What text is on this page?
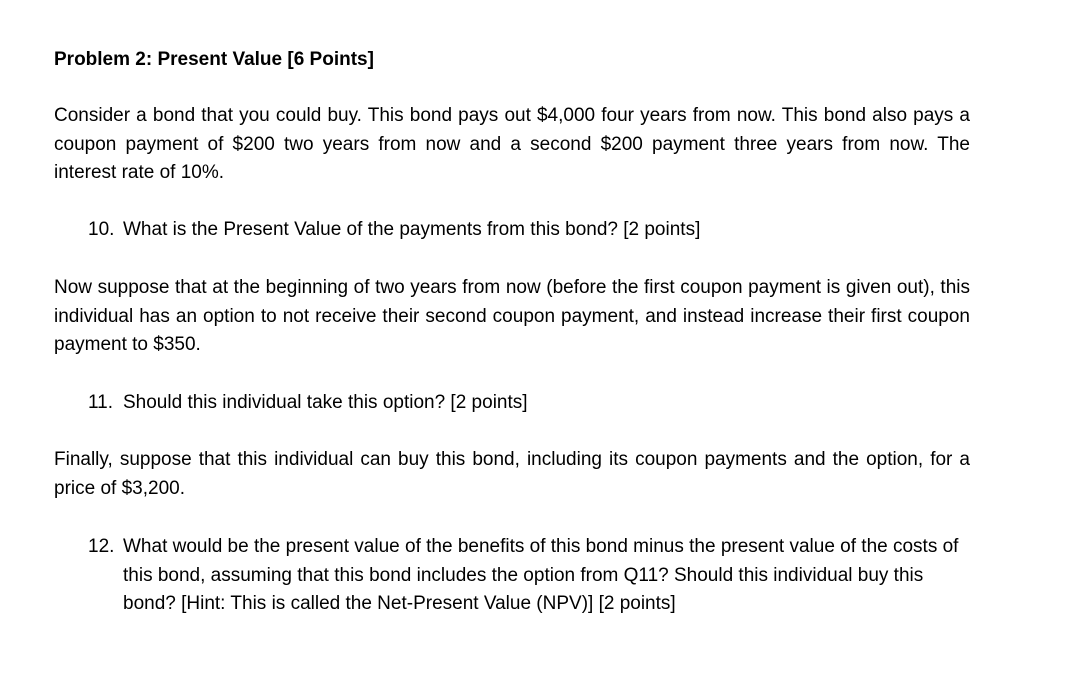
Problem 2: Present Value [6 Points]
Consider a bond that you could buy. This bond pays out $4,000 four years from now. This bond also pays a coupon payment of $200 two years from now and a second $200 payment three years from now. The interest rate of 10%.
10. What is the Present Value of the payments from this bond? [2 points]
Now suppose that at the beginning of two years from now (before the first coupon payment is given out), this individual has an option to not receive their second coupon payment, and instead increase their first coupon payment to $350.
11. Should this individual take this option? [2 points]
Finally, suppose that this individual can buy this bond, including its coupon payments and the option, for a price of $3,200.
12. What would be the present value of the benefits of this bond minus the present value of the costs of this bond, assuming that this bond includes the option from Q11? Should this individual buy this bond? [Hint: This is called the Net-Present Value (NPV)] [2 points]
